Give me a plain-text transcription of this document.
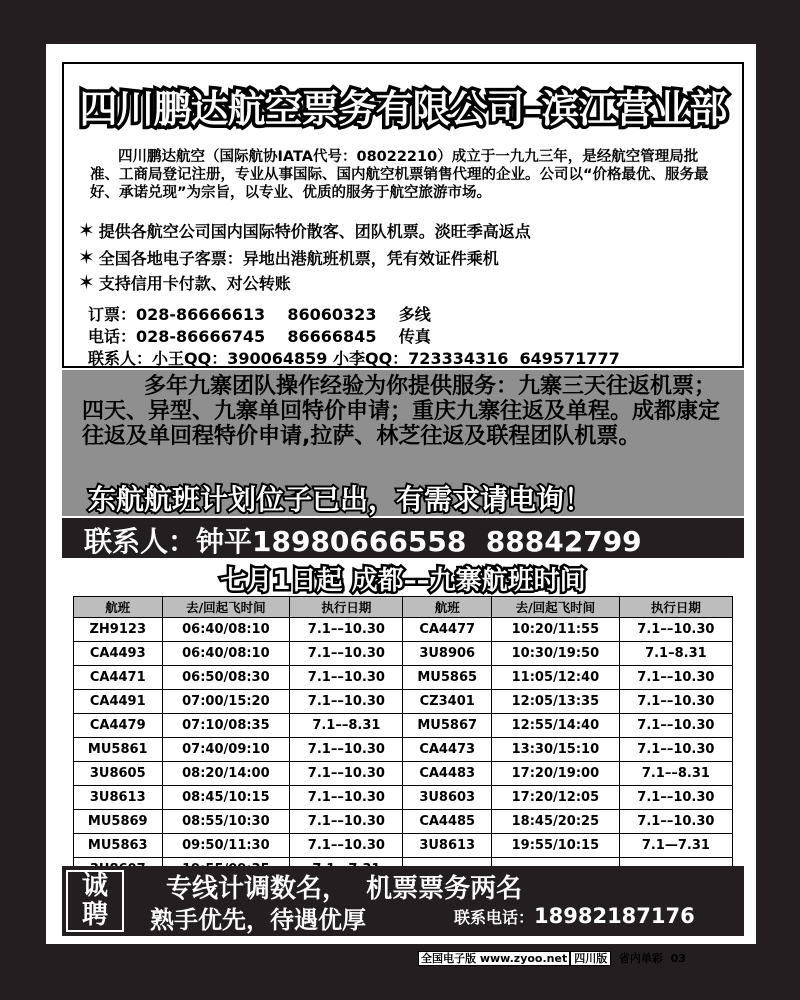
四川鹏达航空票务有限公司–滨江营业部
四川鹏达航空（国际航协IATA代号：08022210）成立于一九九三年，是经航空管理局批准、工商局登记注册，专业从事国际、国内航空机票销售代理的企业。公司以“价格最优、服务最好、承诺兑现”为宗旨，以专业、优质的服务于航空旅游市场。
✶ 提供各航空公司国内国际特价散客、团队机票。淡旺季高返点
✶ 全国各地电子客票：异地出港航班机票，凭有效证件乘机
✶ 支持信用卡付款、对公转账
订票：028-86666613    86060323    多线
电话：028-86666745    86666845    传真
联系人：小王QQ：390064859 小李QQ：723334316  649571777
多年九寨团队操作经验为你提供服务：九寨三天往返机票；四天、异型、九寨单回特价申请；重庆九寨往返及单程。成都康定往返及单回程特价申请,拉萨、林芝往返及联程团队机票。
东航航班计划位子已出，有需求请电询！
联系人：钟平18980666558  88842799
七月1日起 成都––九寨航班时间
航班	去/回起飞时间	执行日期	航班	去/回起飞时间	执行日期
ZH9123	06:40/08:10	7.1––10.30	CA4477	10:20/11:55	7.1––10.30
CA4493	06:40/08:10	7.1––10.30	3U8906	10:30/19:50	7.1–8.31
CA4471	06:50/08:30	7.1––10.30	MU5865	11:05/12:40	7.1––10.30
CA4491	07:00/15:20	7.1––10.30	CZ3401	12:05/13:35	7.1––10.30
CA4479	07:10/08:35	7.1––8.31	MU5867	12:55/14:40	7.1––10.30
MU5861	07:40/09:10	7.1––10.30	CA4473	13:30/15:10	7.1––10.30
3U8605	08:20/14:00	7.1––10.30	CA4483	17:20/19:00	7.1––8.31
3U8613	08:45/10:15	7.1––10.30	3U8603	17:20/12:05	7.1––10.30
MU5869	08:55/10:30	7.1––10.30	CA4485	18:45/20:25	7.1––10.30
MU5863	09:50/11:30	7.1––10.30	3U8613	19:55/10:15	7.1—7.31

诚
聘
专线计调数名，  机票票务两名
熟手优先，待遇优厚	联系电话：18982187176
全国电子版 www.zyoo.net 四川版 省内单彩 03
